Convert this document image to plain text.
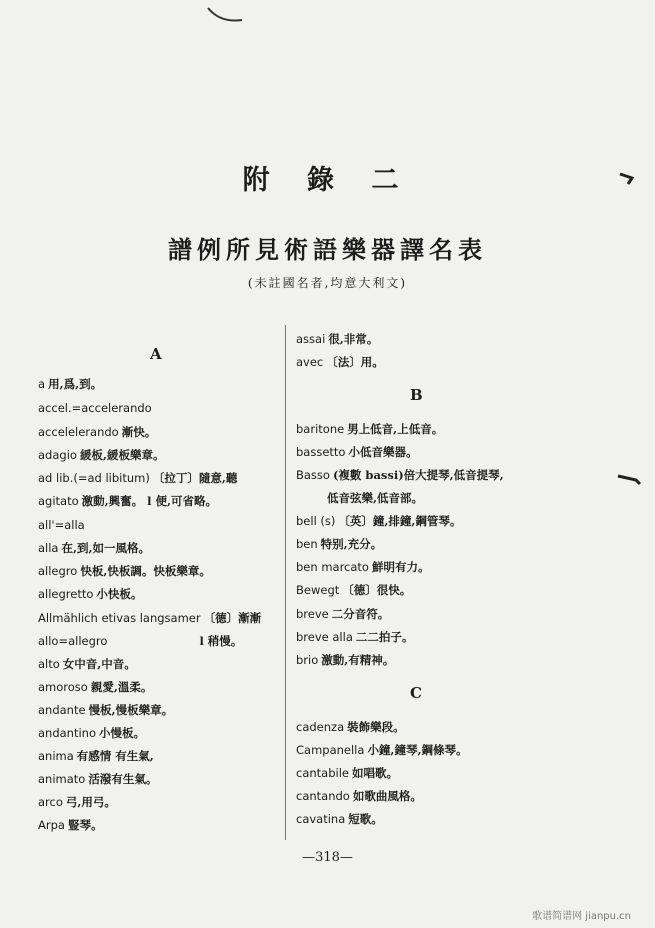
附 錄 二
譜例所見術語樂器譯名表
(未註國名者,均意大利文)
A
a 用,爲,到。
accel.=accelerando
accelelerando 漸快。
adagio 緩板,緩板樂章。
ad lib.(=ad libitum) 〔拉丁〕隨意,聽
agitato 激動,興奮。 l 便,可省略。
all'=alla
alla 在,到,如一風格。
allegro 快板,快板調。快板樂章。
allegretto 小快板。
Allmählich etivas langsamer 〔德〕漸漸
allo=allegro	l 稍慢。
alto 女中音,中音。
amoroso 親愛,溫柔。
andante 慢板,慢板樂章。
andantino 小慢板。
anima 有感情 有生氣,
animato 活潑有生氣。
arco 弓,用弓。
Arpa 豎琴。
assai 很,非常。
avec 〔法〕用。
B
baritone 男上低音,上低音。
bassetto 小低音樂器。
Basso (複數 bassi)倍大提琴,低音提琴,
低音弦樂,低音部。
bell (s) 〔英〕鐘,排鐘,鋼管琴。
ben 特别,充分。
ben marcato 鮮明有力。
Bewegt 〔德〕很快。
breve 二分音符。
breve alla 二二拍子。
brio 激動,有精神。
C
cadenza 裝飾樂段。
Campanella 小鐘,鐘琴,鋼條琴。
cantabile 如唱歌。
cantando 如歌曲風格。
cavatina 短歌。
—318—
歌谱简谱网 jianpu.cn
